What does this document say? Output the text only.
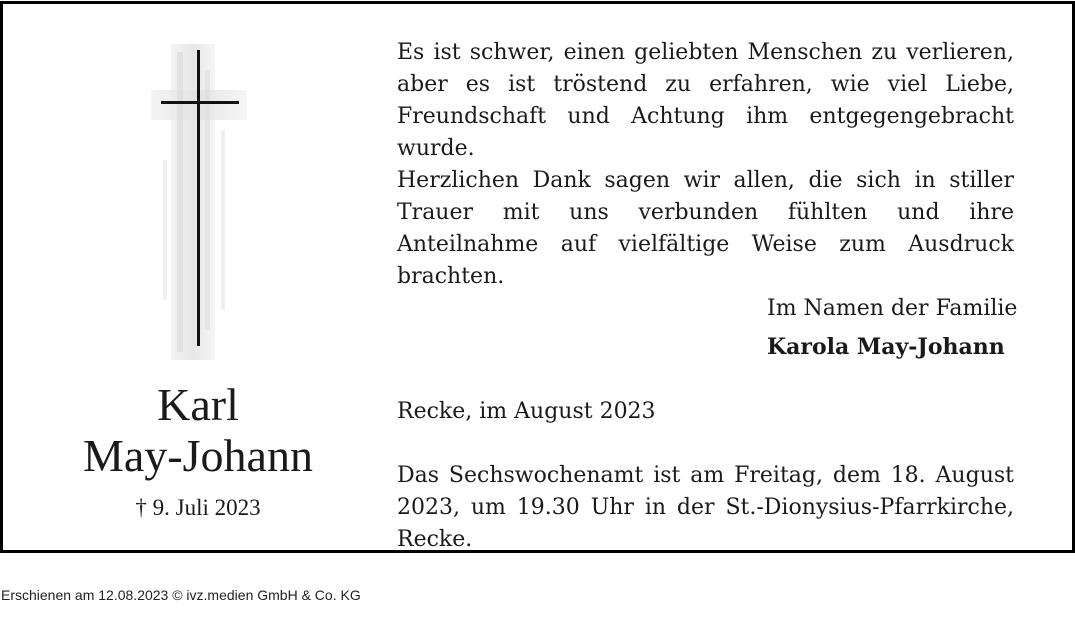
Karl
May-Johann
† 9. Juli 2023
Es ist schwer, einen geliebten Menschen zu verlieren, aber es ist tröstend zu erfahren, wie viel Liebe, Freundschaft und Achtung ihm entgegengebracht wurde.
Herzlichen Dank sagen wir allen, die sich in stiller Trauer mit uns verbunden fühlten und ihre Anteilnahme auf vielfältige Weise zum Ausdruck brachten.
Im Namen der Familie
Karola May-Johann
Recke, im August 2023
Das Sechswochenamt ist am Freitag, dem 18. August 2023, um 19.30 Uhr in der St.-Dionysius-Pfarrkirche, Recke.
Erschienen am 12.08.2023 © ivz.medien GmbH & Co. KG
